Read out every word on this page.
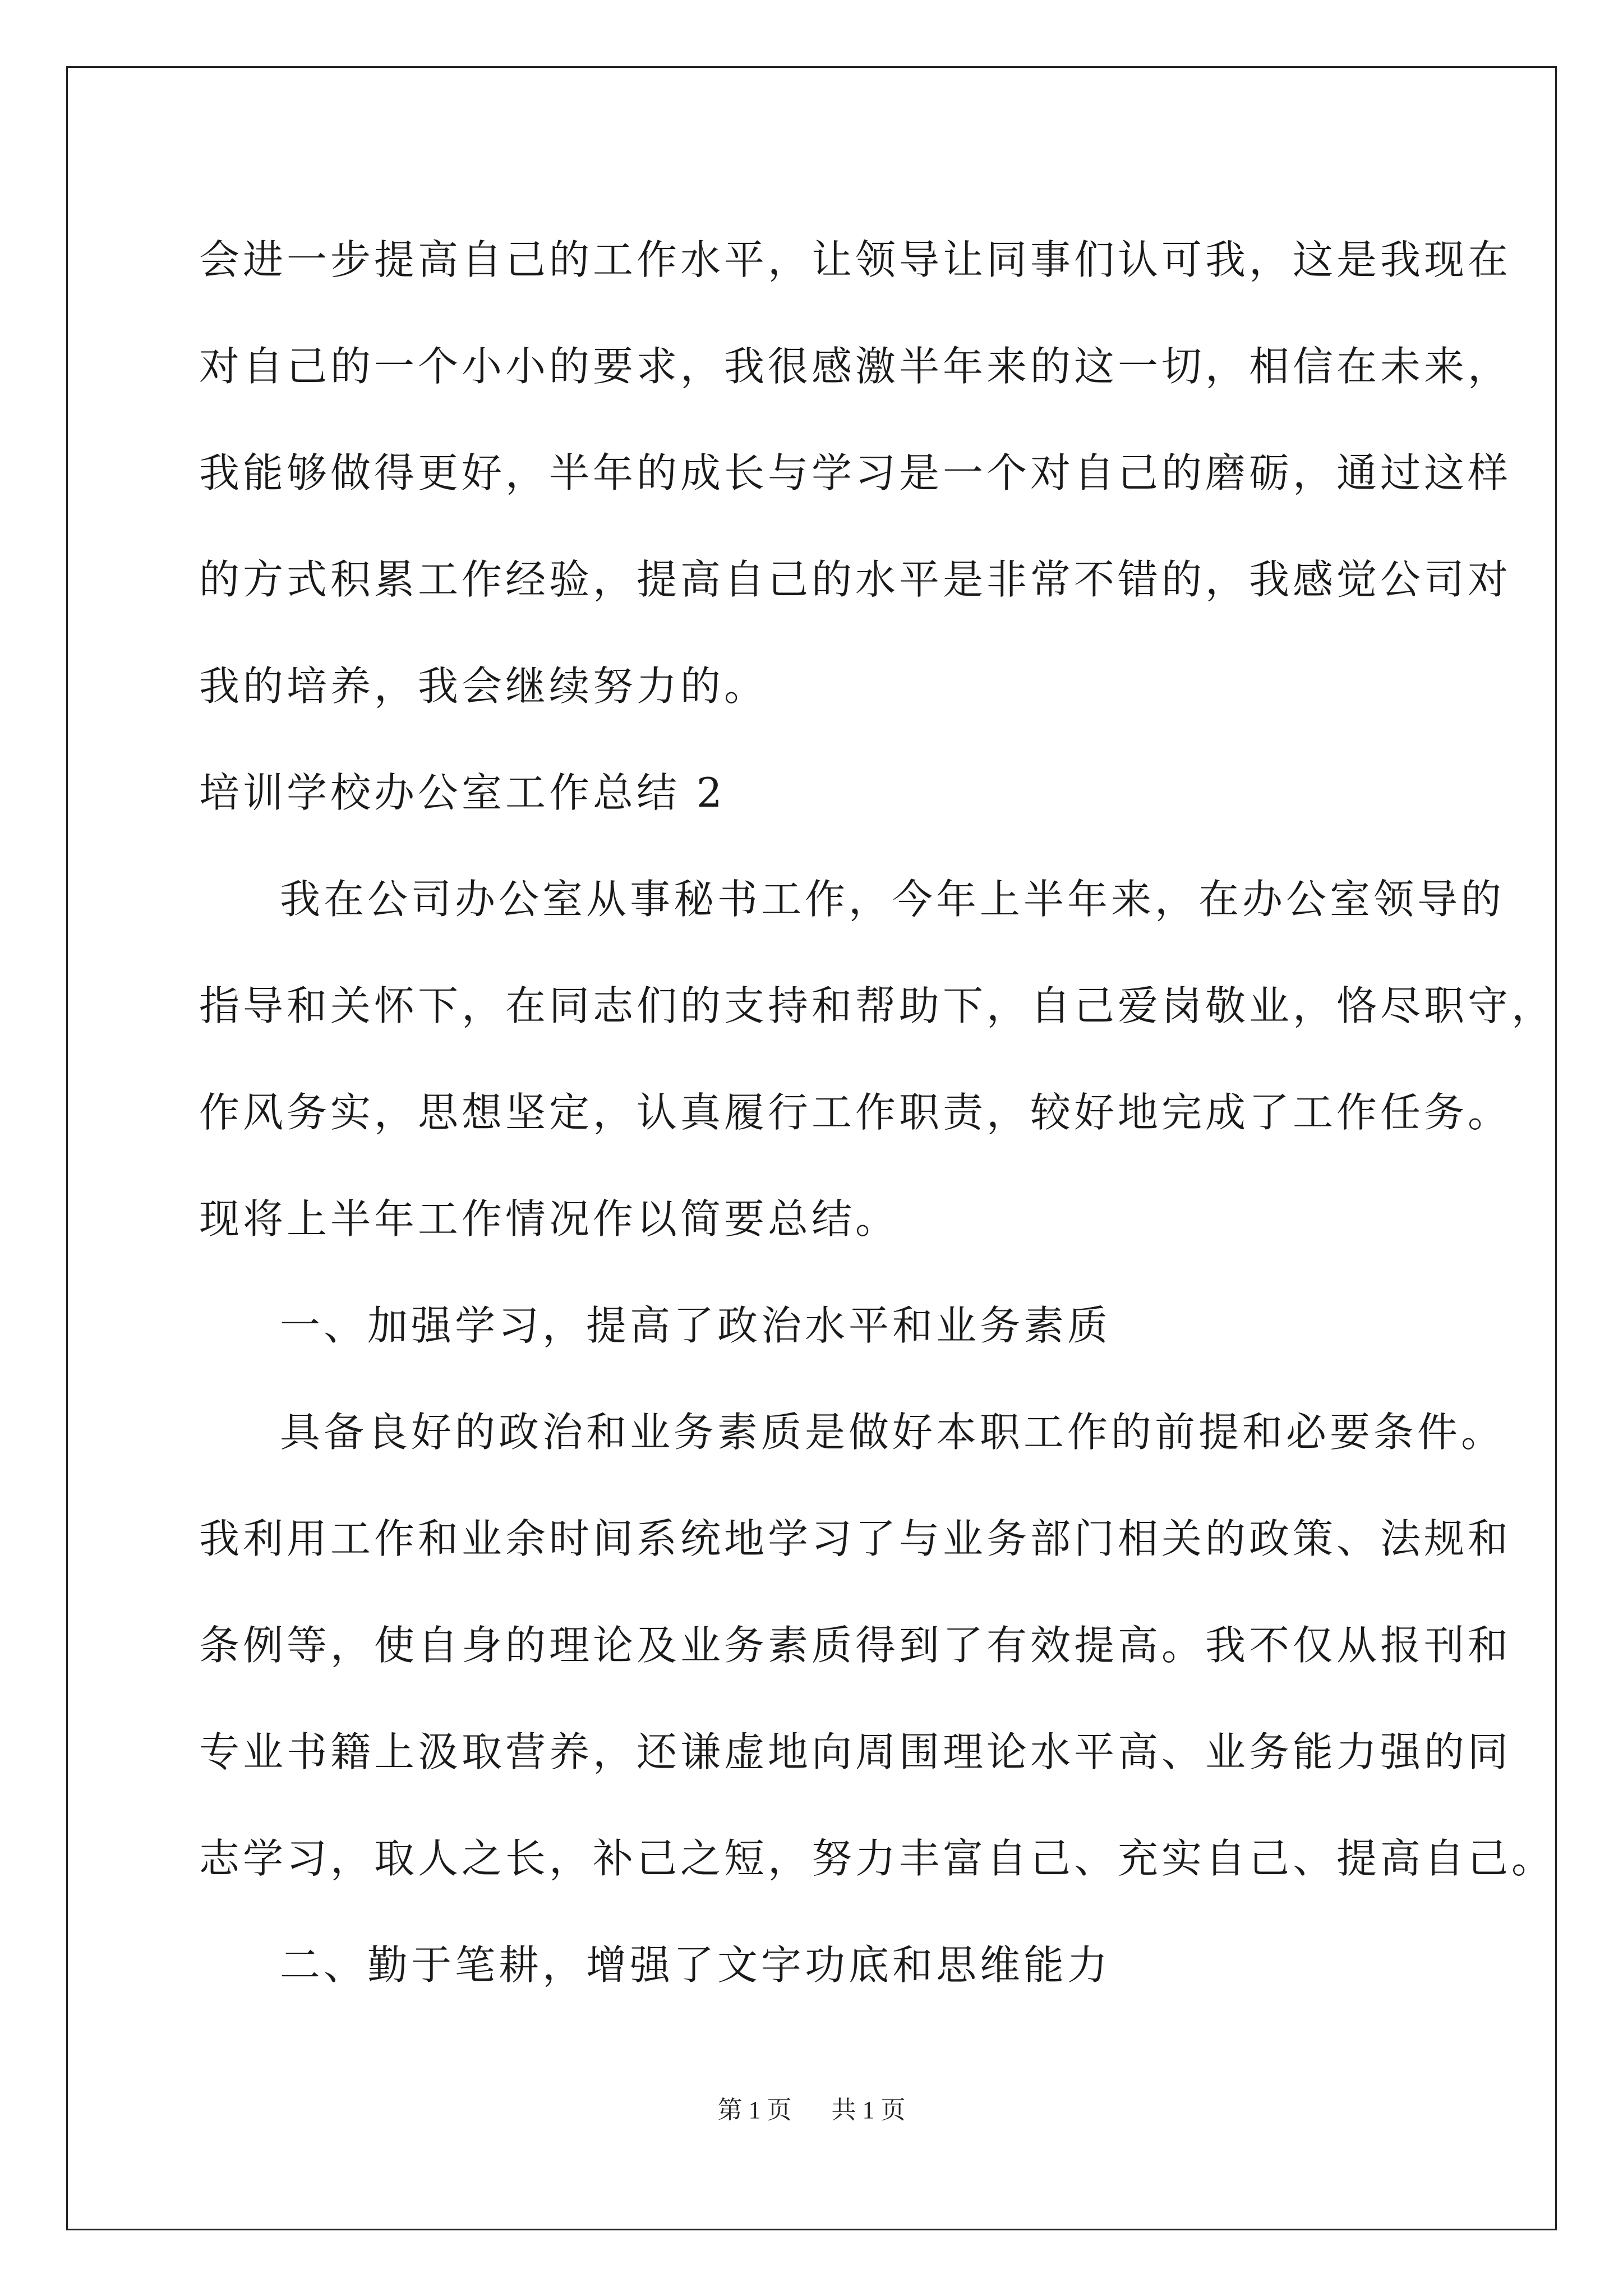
会进一步提高自己的工作水平，让领导让同事们认可我，这是我现在
对自己的一个小小的要求，我很感激半年来的这一切，相信在未来，
我能够做得更好，半年的成长与学习是一个对自己的磨砺，通过这样
的方式积累工作经验，提高自己的水平是非常不错的，我感觉公司对
我的培养，我会继续努力的。
培训学校办公室工作总结 2
我在公司办公室从事秘书工作，今年上半年来，在办公室领导的
指导和关怀下，在同志们的支持和帮助下，自己爱岗敬业，恪尽职守，
作风务实，思想坚定，认真履行工作职责，较好地完成了工作任务。
现将上半年工作情况作以简要总结。
一、加强学习，提高了政治水平和业务素质
具备良好的政治和业务素质是做好本职工作的前提和必要条件。
我利用工作和业余时间系统地学习了与业务部门相关的政策、法规和
条例等，使自身的理论及业务素质得到了有效提高。我不仅从报刊和
专业书籍上汲取营养，还谦虚地向周围理论水平高、业务能力强的同
志学习，取人之长，补己之短，努力丰富自己、充实自己、提高自己。
二、勤于笔耕，增强了文字功底和思维能力
第 1 页 共 1 页
